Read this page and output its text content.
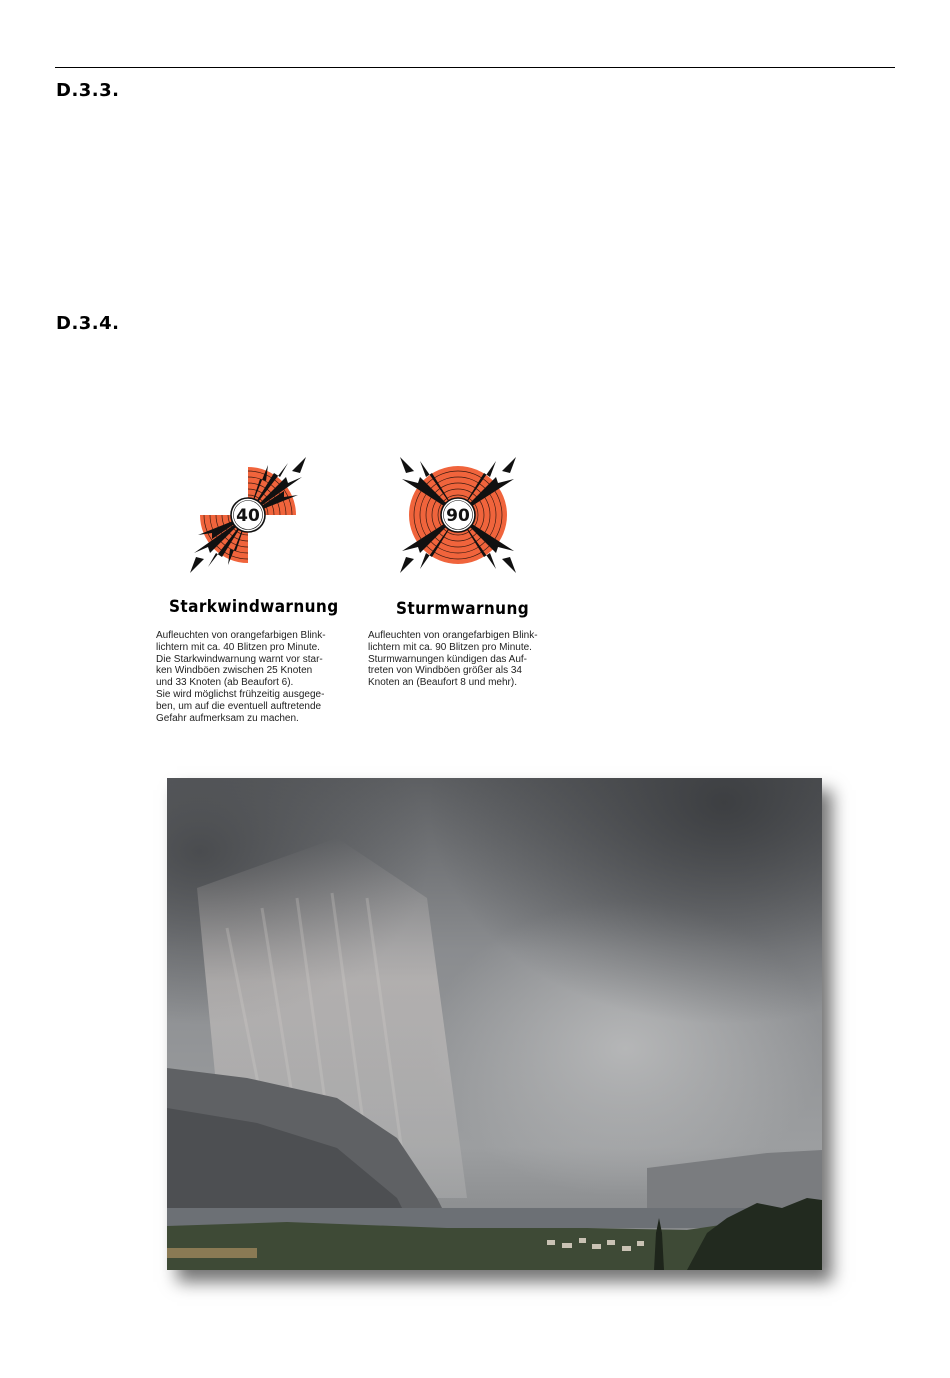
D.3.3.
D.3.4.
40
Starkwindwarnung
Aufleuchten von orangefarbigen Blink-
lichtern mit ca. 40 Blitzen pro Minute.
Die Starkwindwarnung warnt vor star-
ken Windböen zwischen 25 Knoten
und 33 Knoten (ab Beaufort 6).
Sie wird möglichst frühzeitig ausgege-
ben, um auf die eventuell auftretende
Gefahr aufmerksam zu machen.
90
Sturmwarnung
Aufleuchten von orangefarbigen Blink-
lichtern mit ca. 90 Blitzen pro Minute.
Sturmwarnungen kündigen das Auf-
treten von Windböen größer als 34
Knoten an (Beaufort 8 und mehr).
